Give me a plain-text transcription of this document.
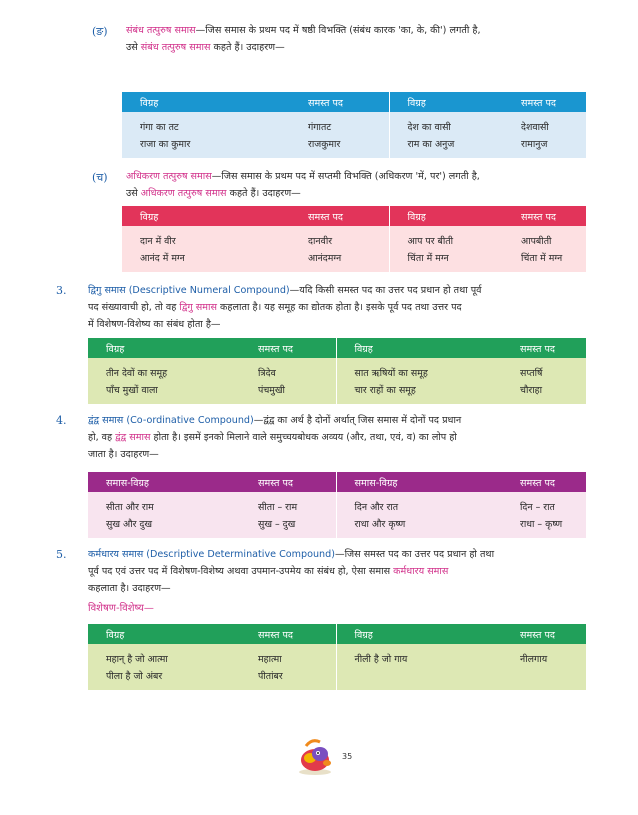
(ङ) संबंध तत्पुरुष समास—जिस समास के प्रथम पद में षष्ठी विभक्ति (संबंध कारक 'का, के, की') लगती है,
उसे संबंध तत्पुरुष समास कहते हैं। उदाहरण—
विग्रह	समस्त पद	विग्रह	समस्त पद
गंगा का तट	गंगातट	देश का वासी	देशवासी
राजा का कुमार	राजकुमार	राम का अनुज	रामानुज
(च) अधिकरण तत्पुरुष समास—जिस समास के प्रथम पद में सप्तमी विभक्ति (अधिकरण 'में, पर') लगती है,
उसे अधिकरण तत्पुरुष समास कहते हैं। उदाहरण—
विग्रह	समस्त पद	विग्रह	समस्त पद
दान में वीर	दानवीर	आप पर बीती	आपबीती
आनंद में मग्न	आनंदमग्न	चिंता में मग्न	चिंता में मग्न
3. द्विगु समास (Descriptive Numeral Compound)—यदि किसी समस्त पद का उत्तर पद प्रधान हो तथा पूर्व
पद संख्यावाची हो, तो वह द्विगु समास कहलाता है। यह समूह का द्योतक होता है। इसके पूर्व पद तथा उत्तर पद
में विशेषण-विशेष्य का संबंध होता है—
विग्रह	समस्त पद	विग्रह	समस्त पद
तीन देवों का समूह	त्रिदेव	सात ऋषियों का समूह	सप्तर्षि
पाँच मुखों वाला	पंचमुखी	चार राहों का समूह	चौराहा
4. द्वंद्व समास (Co-ordinative Compound)—द्वंद्व का अर्थ है दोनों अर्थात् जिस समास में दोनों पद प्रधान
हो, वह द्वंद्व समास होता है। इसमें इनको मिलाने वाले समुच्चयबोधक अव्यय (और, तथा, एवं, व) का लोप हो
जाता है। उदाहरण—
समास-विग्रह	समस्त पद	समास-विग्रह	समस्त पद
सीता और राम	सीता – राम	दिन और रात	दिन – रात
सुख और दुख	सुख – दुख	राधा और कृष्ण	राधा – कृष्ण
5. कर्मधारय समास (Descriptive Determinative Compound)—जिस समस्त पद का उत्तर पद प्रधान हो तथा
पूर्व पद एवं उत्तर पद में विशेषण-विशेष्य अथवा उपमान-उपमेय का संबंध हो, ऐसा समास कर्मधारय समास
कहलाता है। उदाहरण—
विशेषण-विशेष्य—
विग्रह	समस्त पद	विग्रह	समस्त पद
महान् है जो आत्मा	महात्मा	नीली है जो गाय	नीलगाय
पीला है जो अंबर	पीतांबर		
35
